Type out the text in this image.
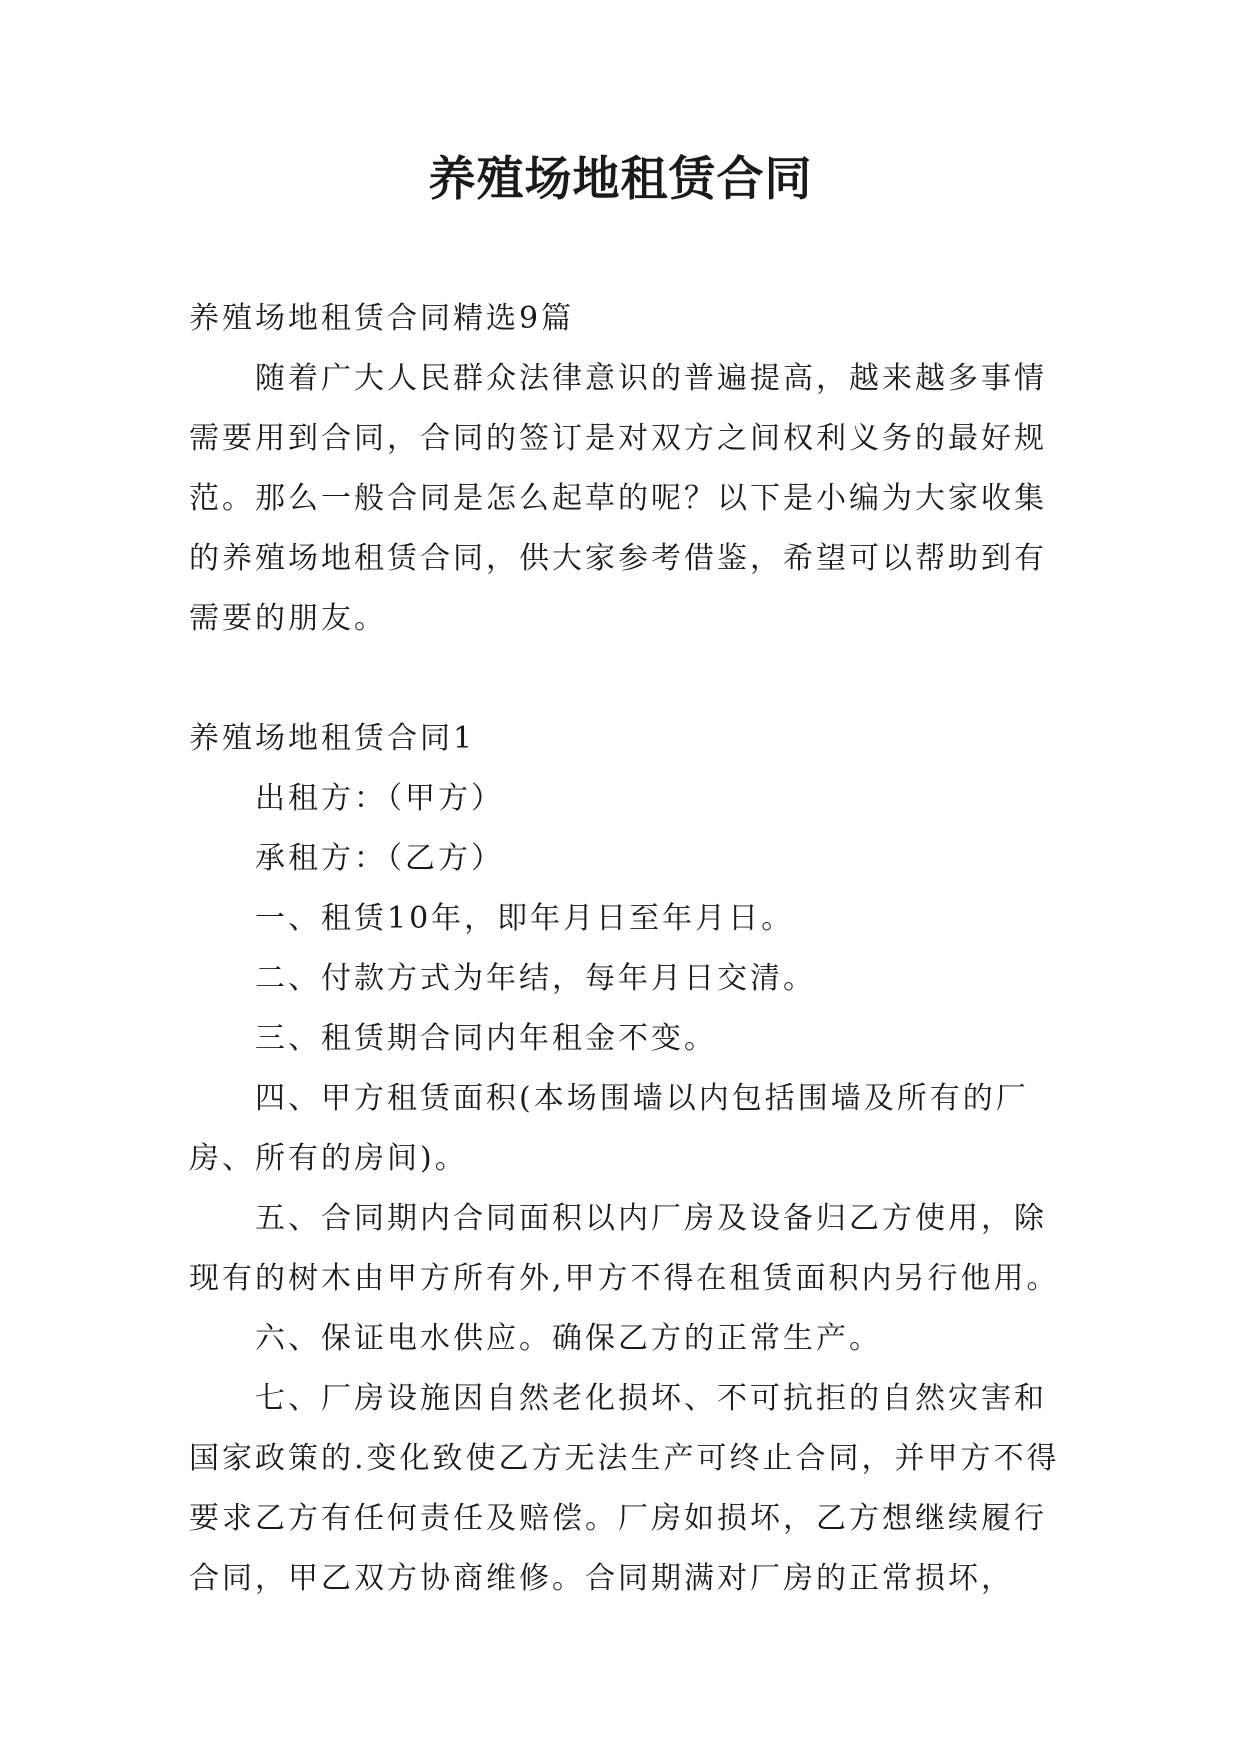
养殖场地租赁合同

养殖场地租赁合同精选9篇

随着广大人民群众法律意识的普遍提高，越来越多事情需要用到合同，合同的签订是对双方之间权利义务的最好规范。那么一般合同是怎么起草的呢？以下是小编为大家收集的养殖场地租赁合同，供大家参考借鉴，希望可以帮助到有需要的朋友。

养殖场地租赁合同1

出租方：（甲方）

承租方：（乙方）

一、租赁10年，即年月日至年月日。

二、付款方式为年结，每年月日交清。

三、租赁期合同内年租金不变。

四、甲方租赁面积(本场围墙以内包括围墙及所有的厂房、所有的房间)。

五、合同期内合同面积以内厂房及设备归乙方使用，除现有的树木由甲方所有外,甲方不得在租赁面积内另行他用。

六、保证电水供应。确保乙方的正常生产。

七、厂房设施因自然老化损坏、不可抗拒的自然灾害和国家政策的.变化致使乙方无法生产可终止合同，并甲方不得要求乙方有任何责任及赔偿。厂房如损坏，乙方想继续履行合同，甲乙双方协商维修。合同期满对厂房的正常损坏，
